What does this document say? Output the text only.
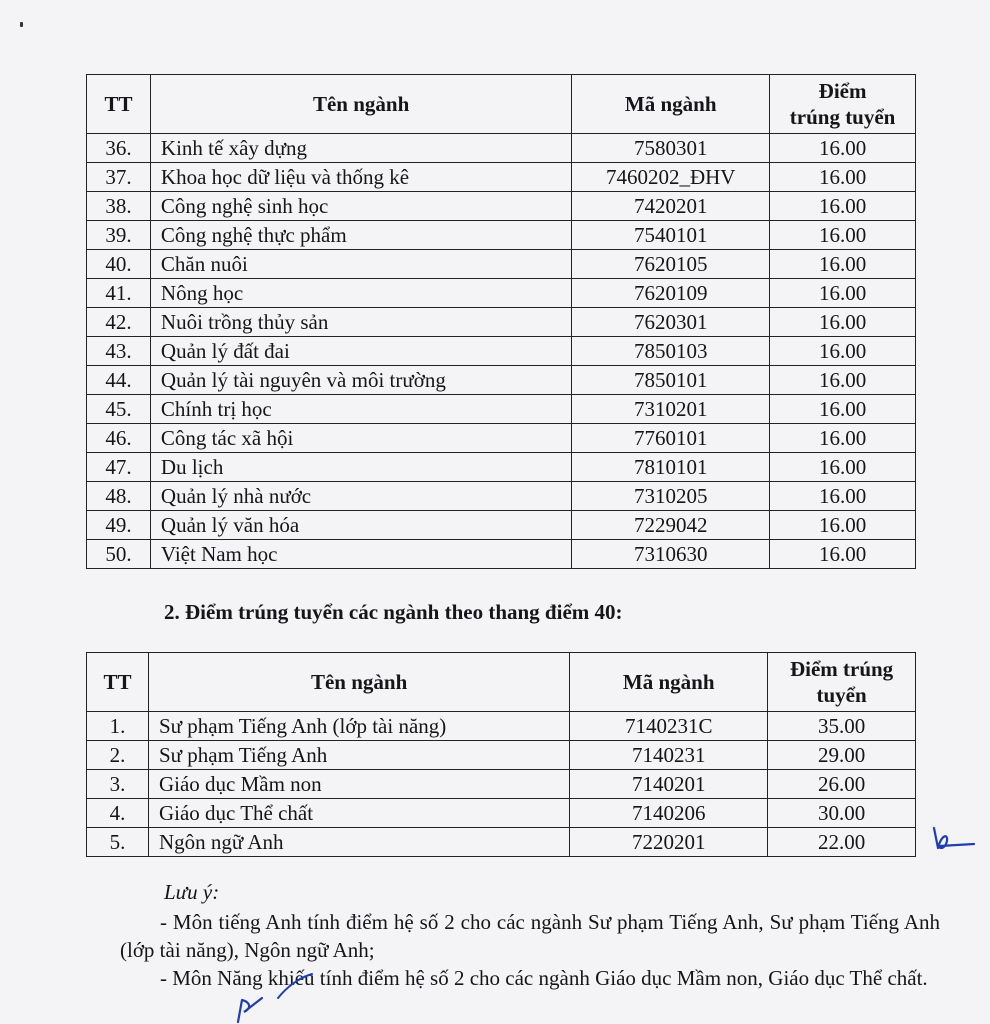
TT	Tên ngành	Mã ngành	Điểm
trúng tuyển

36.	Kinh tế xây dựng	7580301	16.00
37.	Khoa học dữ liệu và thống kê	7460202_ĐHV	16.00
38.	Công nghệ sinh học	7420201	16.00
39.	Công nghệ thực phẩm	7540101	16.00
40.	Chăn nuôi	7620105	16.00
41.	Nông học	7620109	16.00
42.	Nuôi trồng thủy sản	7620301	16.00
43.	Quản lý đất đai	7850103	16.00
44.	Quản lý tài nguyên và môi trường	7850101	16.00
45.	Chính trị học	7310201	16.00
46.	Công tác xã hội	7760101	16.00
47.	Du lịch	7810101	16.00
48.	Quản lý nhà nước	7310205	16.00
49.	Quản lý văn hóa	7229042	16.00
50.	Việt Nam học	7310630	16.00
2. Điểm trúng tuyển các ngành theo thang điểm 40:
TT	Tên ngành	Mã ngành	Điểm trúng
tuyển

1.	Sư phạm Tiếng Anh (lớp tài năng)	7140231C	35.00
2.	Sư phạm Tiếng Anh	7140231	29.00
3.	Giáo dục Mầm non	7140201	26.00
4.	Giáo dục Thể chất	7140206	30.00
5.	Ngôn ngữ Anh	7220201	22.00
Lưu ý:
- Môn tiếng Anh tính điểm hệ số 2 cho các ngành Sư phạm Tiếng Anh, Sư phạm Tiếng Anh (lớp tài năng), Ngôn ngữ Anh;
- Môn Năng khiếu tính điểm hệ số 2 cho các ngành Giáo dục Mầm non, Giáo dục Thể chất.
